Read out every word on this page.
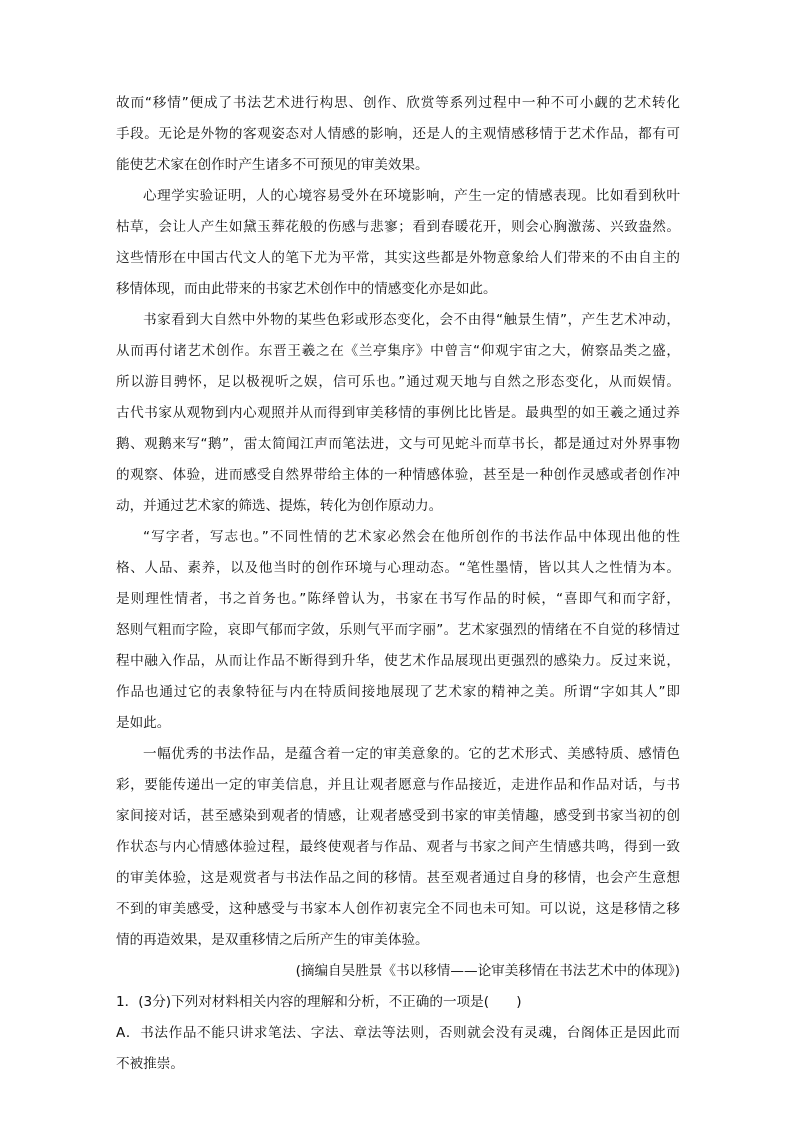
故而“移情”便成了书法艺术进行构思、创作、欣赏等系列过程中一种不可小觑的艺术转化
手段。无论是外物的客观姿态对人情感的影响，还是人的主观情感移情于艺术作品，都有可
能使艺术家在创作时产生诸多不可预见的审美效果。
心理学实验证明，人的心境容易受外在环境影响，产生一定的情感表现。比如看到秋叶
枯草，会让人产生如黛玉葬花般的伤感与悲寥；看到春暖花开，则会心胸激荡、兴致盎然。
这些情形在中国古代文人的笔下尤为平常，其实这些都是外物意象给人们带来的不由自主的
移情体现，而由此带来的书家艺术创作中的情感变化亦是如此。
书家看到大自然中外物的某些色彩或形态变化，会不由得“触景生情”，产生艺术冲动，
从而再付诸艺术创作。东晋王羲之在《兰亭集序》中曾言“仰观宇宙之大，俯察品类之盛，
所以游目骋怀，足以极视听之娱，信可乐也。”通过观天地与自然之形态变化，从而娱情。
古代书家从观物到内心观照并从而得到审美移情的事例比比皆是。最典型的如王羲之通过养
鹅、观鹅来写“鹅”，雷太简闻江声而笔法进，文与可见蛇斗而草书长，都是通过对外界事物
的观察、体验，进而感受自然界带给主体的一种情感体验，甚至是一种创作灵感或者创作冲
动，并通过艺术家的筛选、提炼，转化为创作原动力。
“写字者，写志也。”不同性情的艺术家必然会在他所创作的书法作品中体现出他的性
格、人品、素养，以及他当时的创作环境与心理动态。“笔性墨情，皆以其人之性情为本。
是则理性情者，书之首务也。”陈绎曾认为，书家在书写作品的时候，“喜即气和而字舒，
怒则气粗而字险，哀即气郁而字敛，乐则气平而字丽”。艺术家强烈的情绪在不自觉的移情过
程中融入作品，从而让作品不断得到升华，使艺术作品展现出更强烈的感染力。反过来说，
作品也通过它的表象特征与内在特质间接地展现了艺术家的精神之美。所谓“字如其人”即
是如此。
一幅优秀的书法作品，是蕴含着一定的审美意象的。它的艺术形式、美感特质、感情色
彩，要能传递出一定的审美信息，并且让观者愿意与作品接近，走进作品和作品对话，与书
家间接对话，甚至感染到观者的情感，让观者感受到书家的审美情趣，感受到书家当初的创
作状态与内心情感体验过程，最终使观者与作品、观者与书家之间产生情感共鸣，得到一致
的审美体验，这是观赏者与书法作品之间的移情。甚至观者通过自身的移情，也会产生意想
不到的审美感受，这种感受与书家本人创作初衷完全不同也未可知。可以说，这是移情之移
情的再造效果，是双重移情之后所产生的审美体验。
(摘编自吴胜景《书以移情——论审美移情在书法艺术中的体现》)
1．(3分)下列对材料相关内容的理解和分析，不正确的一项是(　　)
A．书法作品不能只讲求笔法、字法、章法等法则，否则就会没有灵魂，台阁体正是因此而
不被推崇。
